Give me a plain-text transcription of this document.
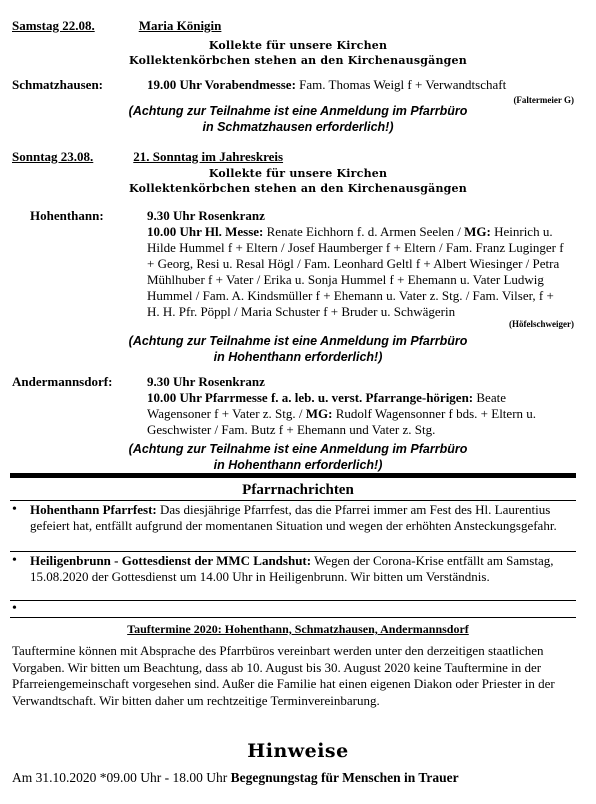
Samstag 22.08.	Maria Königin
Kollekte für unsere Kirchen
Kollektenkörbchen stehen an den Kirchenausgängen
Schmatzhausen:	19.00 Uhr Vorabendmesse: Fam. Thomas Weigl f + Verwandtschaft
(Faltermeier G)
(Achtung zur Teilnahme ist eine Anmeldung im Pfarrbüro
in Schmatzhausen erforderlich!)
Sonntag 23.08.	21. Sonntag im Jahreskreis
Kollekte für unsere Kirchen
Kollektenkörbchen stehen an den Kirchenausgängen
Hohenthann:	9.30 Uhr Rosenkranz
10.00 Uhr Hl. Messe: Renate Eichhorn f. d. Armen Seelen / MG: Heinrich u.
Hilde Hummel f + Eltern / Josef Haumberger f + Eltern / Fam. Franz Luginger f
+ Georg, Resi u. Resal Högl / Fam. Leonhard Geltl f + Albert Wiesinger / Petra
Mühlhuber f + Vater / Erika u. Sonja Hummel f + Ehemann u. Vater Ludwig
Hummel / Fam. A. Kindsmüller f + Ehemann u. Vater z. Stg. / Fam. Vilser, f +
H. H. Pfr. Pöppl / Maria Schuster f + Bruder u. Schwägerin
(Höfelschweiger)
(Achtung zur Teilnahme ist eine Anmeldung im Pfarrbüro
in Hohenthann erforderlich!)
Andermannsdorf:	9.30 Uhr Rosenkranz
10.00 Uhr Pfarrmesse f. a. leb. u. verst. Pfarrange-hörigen: Beate
Wagensoner f + Vater z. Stg. / MG: Rudolf Wagensonner f bds. + Eltern u.
Geschwister / Fam. Butz f + Ehemann und Vater z. Stg.
(Achtung zur Teilnahme ist eine Anmeldung im Pfarrbüro
in Hohenthann erforderlich!)
Pfarrnachrichten
• Hohenthann Pfarrfest: Das diesjährige Pfarrfest, das die Pfarrei immer am Fest des Hl. Laurentius gefeiert hat, entfällt aufgrund der momentanen Situation und wegen der erhöhten Ansteckungsgefahr.
• Heiligenbrunn - Gottesdienst der MMC Landshut: Wegen der Corona-Krise entfällt am Samstag, 15.08.2020 der Gottesdienst um 14.00 Uhr in Heiligenbrunn. Wir bitten um Verständnis.
•
Tauftermine 2020: Hohenthann, Schmatzhausen, Andermannsdorf
Tauftermine können mit Absprache des Pfarrbüros vereinbart werden unter den derzeitigen staatlichen Vorgaben. Wir bitten um Beachtung, dass ab 10. August bis 30. August 2020 keine Tauftermine in der Pfarreiengemeinschaft vorgesehen sind. Außer die Familie hat einen eigenen Diakon oder Priester in der Verwandtschaft. Wir bitten daher um rechtzeitige Terminvereinbarung.
Hinweise
Am 31.10.2020 *09.00 Uhr - 18.00 Uhr Begegnungstag für Menschen in Trauer
